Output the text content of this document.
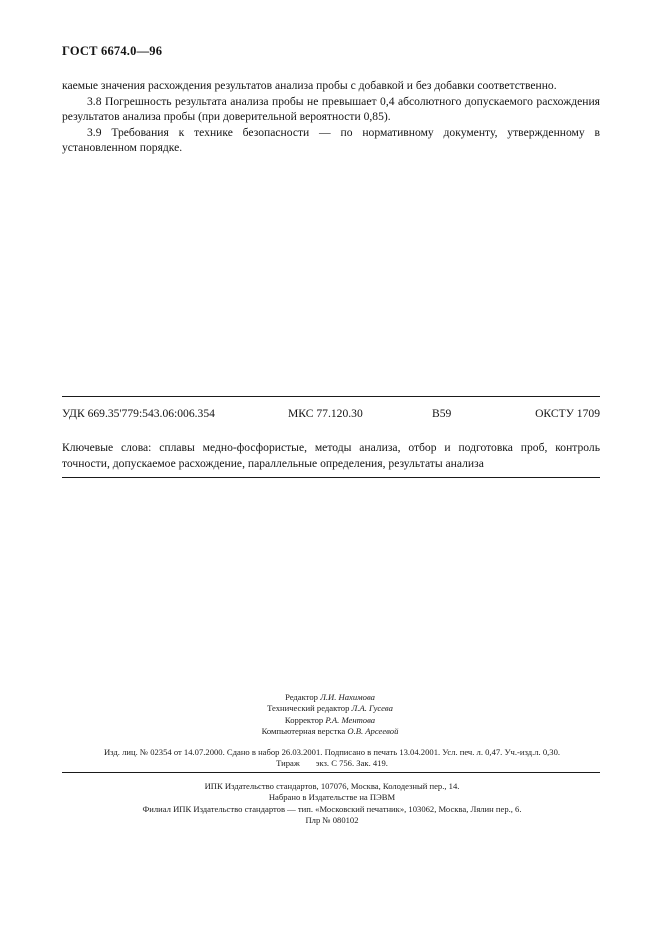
ГОСТ 6674.0—96

каемые значения расхождения результатов анализа пробы с добавкой и без добавки соответственно.

3.8 Погрешность результата анализа пробы не превышает 0,4 абсолютного допускаемого расхождения результатов анализа пробы (при доверительной вероятности 0,85).

3.9 Требования к технике безопасности — по нормативному документу, утвержденному в установленном порядке.

УДК 669.35'779:543.06:006.354	МКС 77.120.30	В59	ОКСТУ 1709
Ключевые слова: сплавы медно-фосфористые, методы анализа, отбор и подготовка проб, контроль точности, допускаемое расхождение, параллельные определения, результаты анализа
Редактор Л.И. Нахимова
Технический редактор Л.А. Гусева
Корректор Р.А. Ментова
Компьютерная верстка О.В. Арсеевой
Изд. лиц. № 02354 от 14.07.2000. Сдано в набор 26.03.2001. Подписано в печать 13.04.2001. Усл. печ. л. 0,47. Уч.-изд.л. 0,30.
Тираж экз. С 756. Зак. 419.
ИПК Издательство стандартов, 107076, Москва, Колодезный пер., 14.
Набрано в Издательстве на ПЭВМ
Филиал ИПК Издательство стандартов — тип. «Московский печатник», 103062, Москва, Лялин пер., 6.
Плр № 080102
